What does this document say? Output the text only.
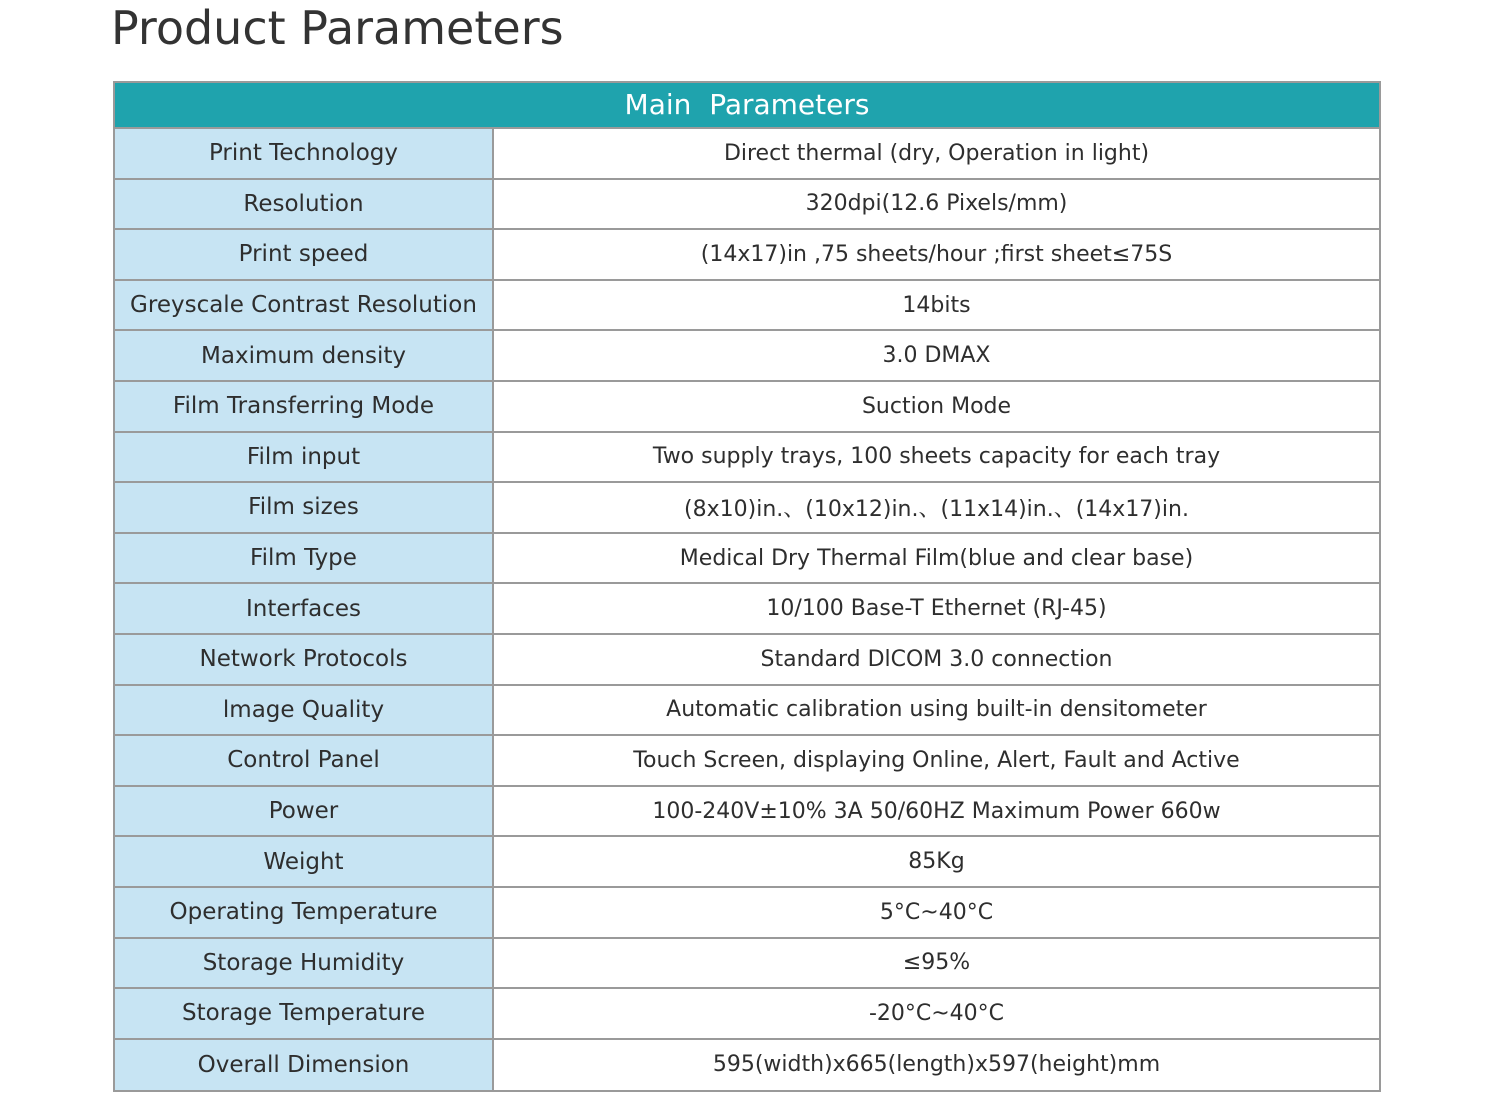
Product Parameters
Main  Parameters
Print Technology	Direct thermal (dry, Operation in light)
Resolution	320dpi(12.6 Pixels/mm)
Print speed	(14x17)in ,75 sheets/hour ;first sheet≤75S
Greyscale Contrast Resolution	14bits
Maximum density	3.0 DMAX
Film Transferring Mode	Suction Mode
Film input	Two supply trays, 100 sheets capacity for each tray
Film sizes	(8x10)in.、(10x12)in.、(11x14)in.、(14x17)in.
Film Type	Medical Dry Thermal Film(blue and clear base)
Interfaces	10/100 Base-T Ethernet (RJ-45)
Network Protocols	Standard DlCOM 3.0 connection
lmage Quality	Automatic calibration using built-in densitometer
Control Panel	Touch Screen, displaying Online, Alert, Fault and Active
Power	100-240V±10% 3A 50/60HZ Maximum Power 660w
Weight	85Kg
Operating Temperature	5°C~40°C
Storage Humidity	≤95%
Storage Temperature	-20°C~40°C
Overall Dimension	595(width)x665(length)x597(height)mm
